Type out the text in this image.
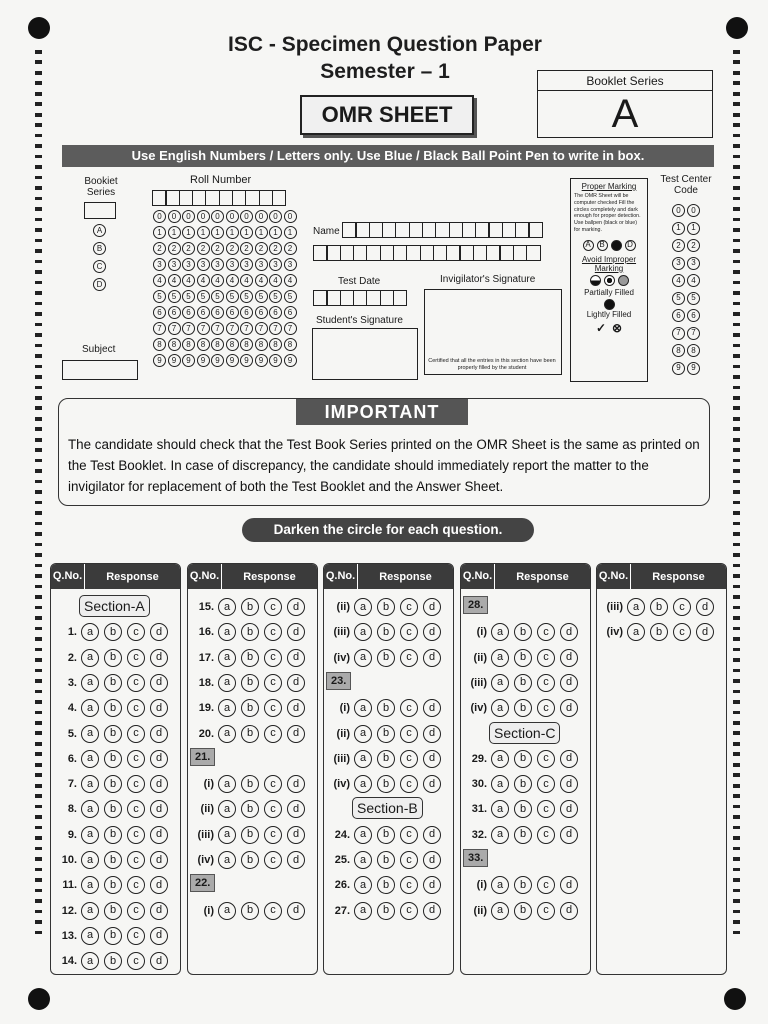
ISC - Specimen Question Paper
Semester – 1
OMR SHEET
Booklet Series
A
Use English Numbers / Letters only. Use Blue / Black Ball Point Pen to write in box.
Bookiet Series
A
B
C
D
Subject
Roll Number
0	0	0	0	0	0	0	0	0	0
1	1	1	1	1	1	1	1	1	1
2	2	2	2	2	2	2	2	2	2
3	3	3	3	3	3	3	3	3	3
4	4	4	4	4	4	4	4	4	4
5	5	5	5	5	5	5	5	5	5
6	6	6	6	6	6	6	6	6	6
7	7	7	7	7	7	7	7	7	7
8	8	8	8	8	8	8	8	8	8
9	9	9	9	9	9	9	9	9	9
Name
Test Date	Invigilator's Signature
Certified that all the entries in this section have been properly filled by the student
Student's Signature
Proper Marking
The OMR Sheet will be computer checked Fill the circles completely and dark enough for proper detection. Use ballpen (black or blue) for marking.
A	B	D
Avoid Improper Marking
Partially Filled
Lightly Filled
✓ ⊗
Test Center Code
0	0
1	1
2	2
3	3
4	4
5	5
6	6
7	7
8	8
9	9
IMPORTANT
The candidate should check that the Test Book Series printed on the OMR Sheet is the same as printed on the Test Booklet. In case of discrepancy, the candidate should immediately report the matter to the invigilator for replacement of both the Test Booklet and the Answer Sheet.
Darken the circle for each question.
Q.No.	Response
Section-A
1. a	b	c	d
2. a	b	c	d
3. a	b	c	d
4. a	b	c	d
5. a	b	c	d
6. a	b	c	d
7. a	b	c	d
8. a	b	c	d
9. a	b	c	d
10. a	b	c	d
11. a	b	c	d
12. a	b	c	d
13. a	b	c	d
14. a	b	c	d
Q.No.	Response
15. a	b	c	d
16. a	b	c	d
17. a	b	c	d
18. a	b	c	d
19. a	b	c	d
20. a	b	c	d
21.
(i) a	b	c	d
(ii) a	b	c	d
(iii) a	b	c	d
(iv) a	b	c	d
22.
(i) a	b	c	d
Q.No.	Response
(ii) a	b	c	d
(iii) a	b	c	d
(iv) a	b	c	d
23.
(i) a	b	c	d
(ii) a	b	c	d
(iii) a	b	c	d
(iv) a	b	c	d
Section-B
24. a	b	c	d
25. a	b	c	d
26. a	b	c	d
27. a	b	c	d
Q.No.	Response
28.
(i) a	b	c	d
(ii) a	b	c	d
(iii) a	b	c	d
(iv) a	b	c	d
Section-C
29. a	b	c	d
30. a	b	c	d
31. a	b	c	d
32. a	b	c	d
33.
(i) a	b	c	d
(ii) a	b	c	d
Q.No.	Response
(iii) a	b	c	d
(iv) a	b	c	d
